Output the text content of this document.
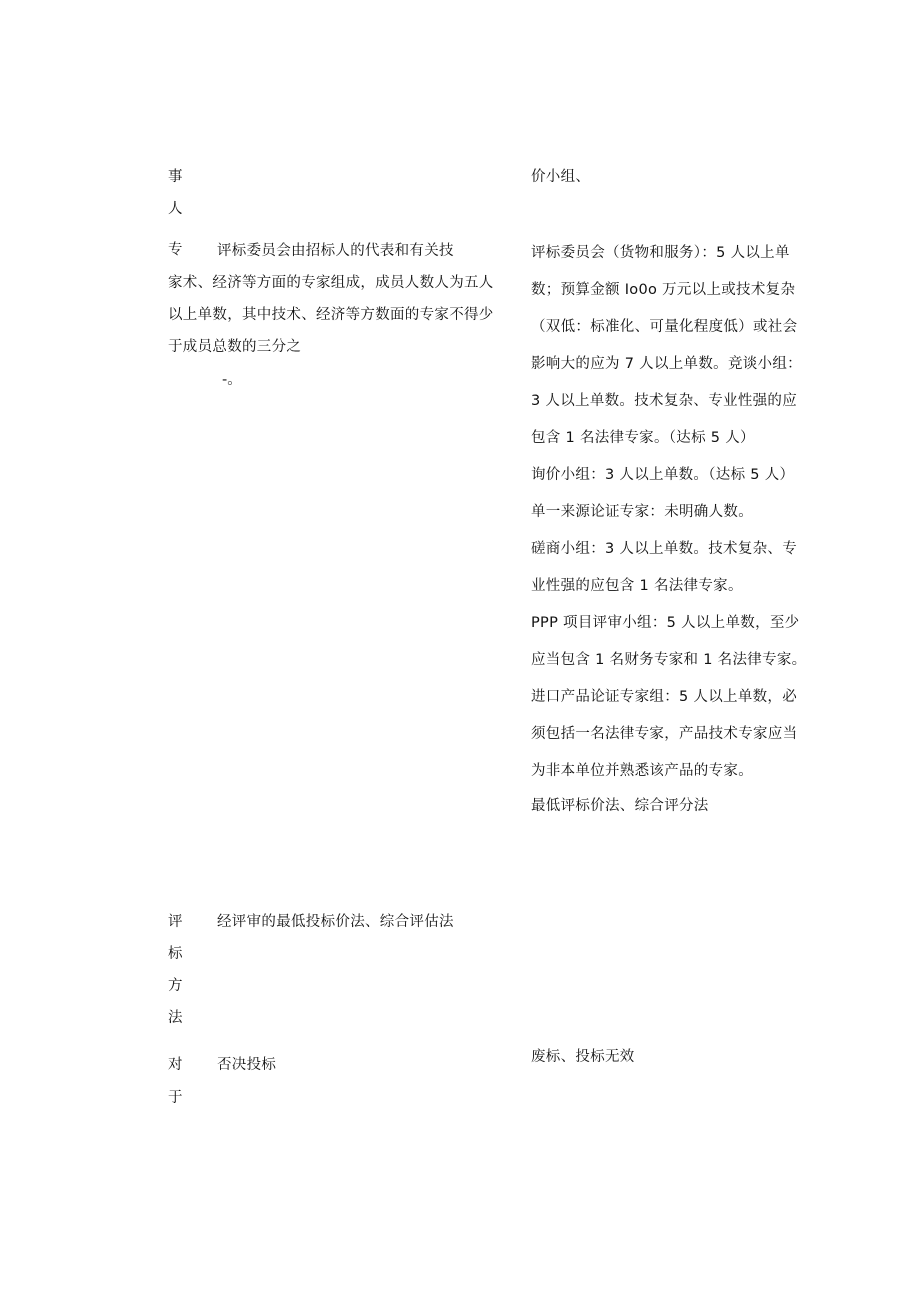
事
人
价小组、
专	评标委员会由招标人的代表和有关技
家术、经济等方面的专家组成，成员人数人为五人
以上单数，其中技术、经济等方数面的专家不得少
于成员总数的三分之
-。
评标委员会（货物和服务）：5 人以上单
数；预算金额 Io0o 万元以上或技术复杂
（双低：标准化、可量化程度低）或社会
影响大的应为 7 人以上单数。竞谈小组：
3 人以上单数。技术复杂、专业性强的应
包含 1 名法律专家。（达标 5 人）
询价小组：3 人以上单数。（达标 5 人）
单一来源论证专家：未明确人数。
磋商小组：3 人以上单数。技术复杂、专
业性强的应包含 1 名法律专家。
PPP 项目评审小组：5 人以上单数，至少
应当包含 1 名财务专家和 1 名法律专家。
进口产品论证专家组：5 人以上单数，必
须包括一名法律专家，产品技术专家应当
为非本单位并熟悉该产品的专家。
最低评标价法、综合评分法
评
标
方
法
经评审的最低投标价法、综合评估法
对
于
否决投标	废标、投标无效
